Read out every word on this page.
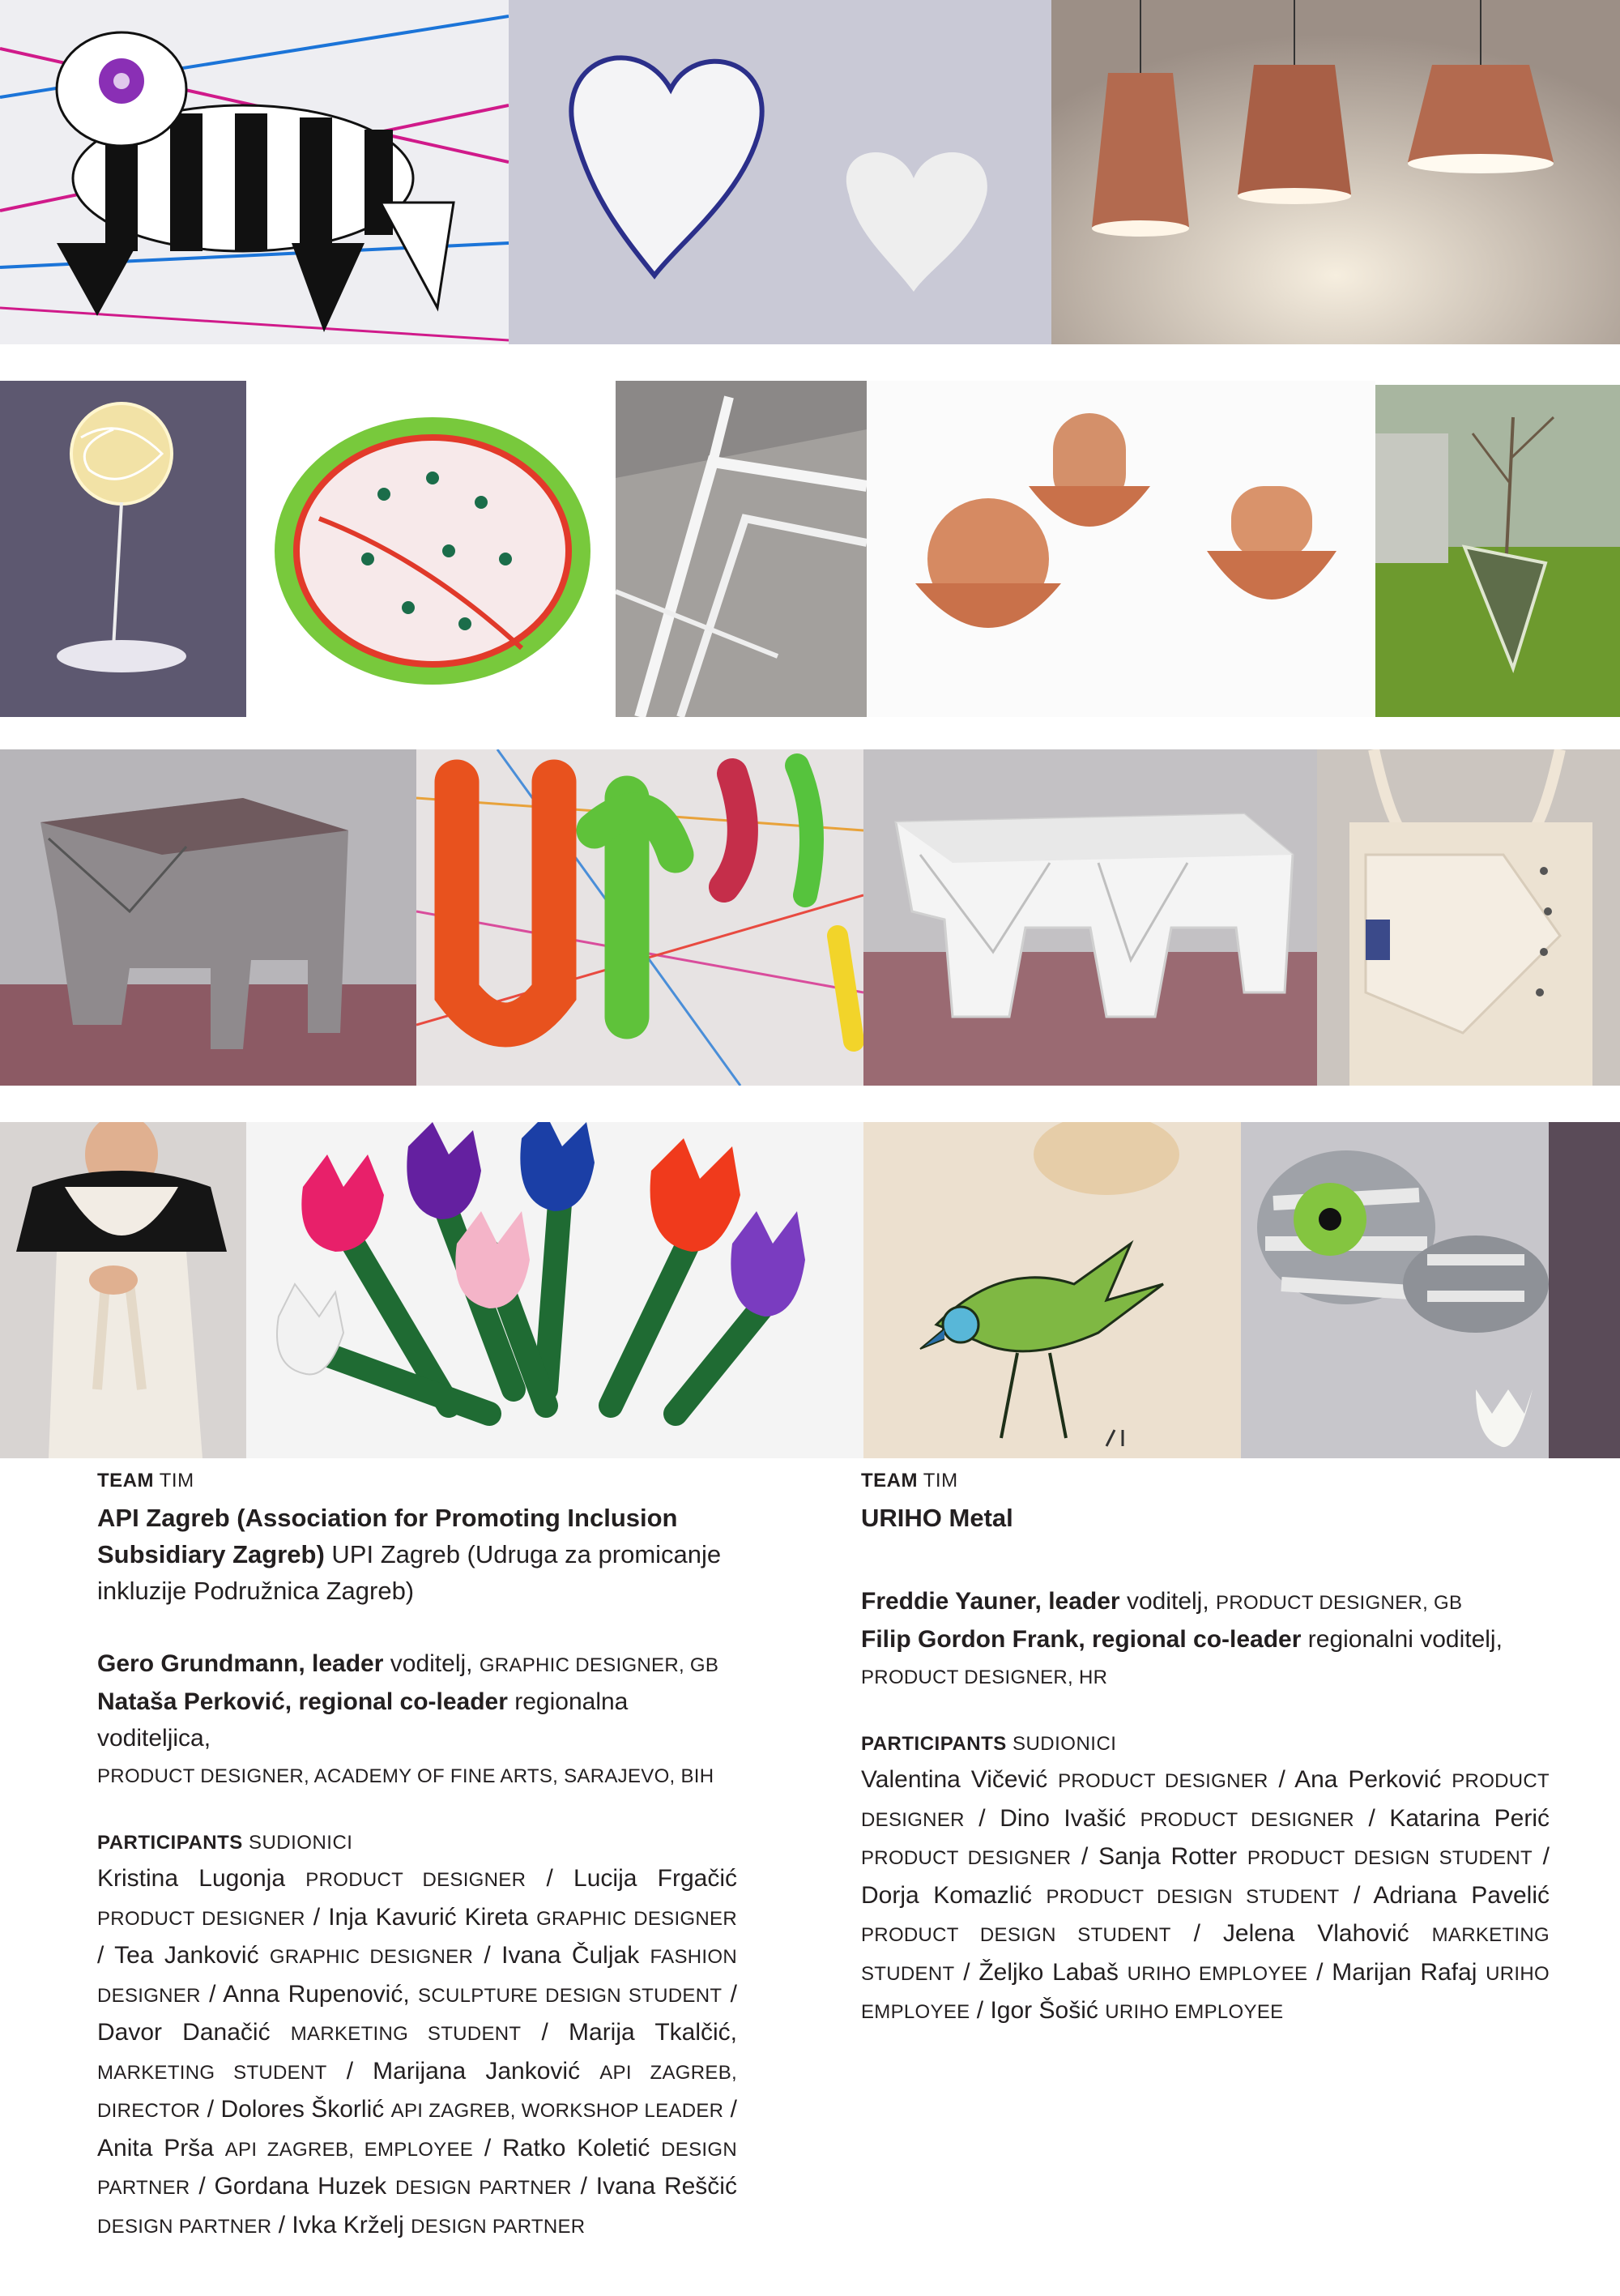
TEAM TIM
API Zagreb (Association for Promoting Inclusion
Subsidiary Zagreb) UPI Zagreb (Udruga za promicanje
inkluzije Podružnica Zagreb)
Gero Grundmann, leader voditelj, GRAPHIC DESIGNER, GB
Nataša Perković, regional co-leader regionalna voditeljica,
PRODUCT DESIGNER, ACADEMY OF FINE ARTS, SARAJEVO, BIH
PARTICIPANTS SUDIONICI
Kristina Lugonja PRODUCT DESIGNER / Lucija Frgačić PRODUCT DESIGNER / Inja Kavurić Kireta GRAPHIC DESIGNER / Tea Janković GRAPHIC DESIGNER / Ivana Čuljak FASHION DESIGNER / Anna Rupenović, SCULPTURE DESIGN STUDENT / Davor Danačić MARKETING STUDENT / Marija Tkalčić, MARKETING STUDENT / Marijana Janković API ZAGREB, DIRECTOR / Dolores Škorlić API ZAGREB, WORKSHOP LEADER / Anita Prša API ZAGREB, EMPLOYEE / Ratko Koletić DESIGN PARTNER / Gordana Huzek DESIGN PARTNER / Ivana Reščić DESIGN PARTNER / Ivka Krželj DESIGN PARTNER
TEAM TIM
URIHO Metal
Freddie Yauner, leader voditelj, PRODUCT DESIGNER, GB
Filip Gordon Frank, regional co-leader regionalni voditelj,
PRODUCT DESIGNER, HR
PARTICIPANTS SUDIONICI
Valentina Vičević PRODUCT DESIGNER / Ana Perković PRODUCT DESIGNER / Dino Ivašić PRODUCT DESIGNER / Katarina Perić PRODUCT DESIGNER / Sanja Rotter PRODUCT DESIGN STUDENT / Dorja Komazlić PRODUCT DESIGN STUDENT / Adriana Pavelić PRODUCT DESIGN STUDENT / Jelena Vlahović MARKETING STUDENT / Željko Labaš URIHO EMPLOYEE / Marijan Rafaj URIHO EMPLOYEE / Igor Šošić URIHO EMPLOYEE
